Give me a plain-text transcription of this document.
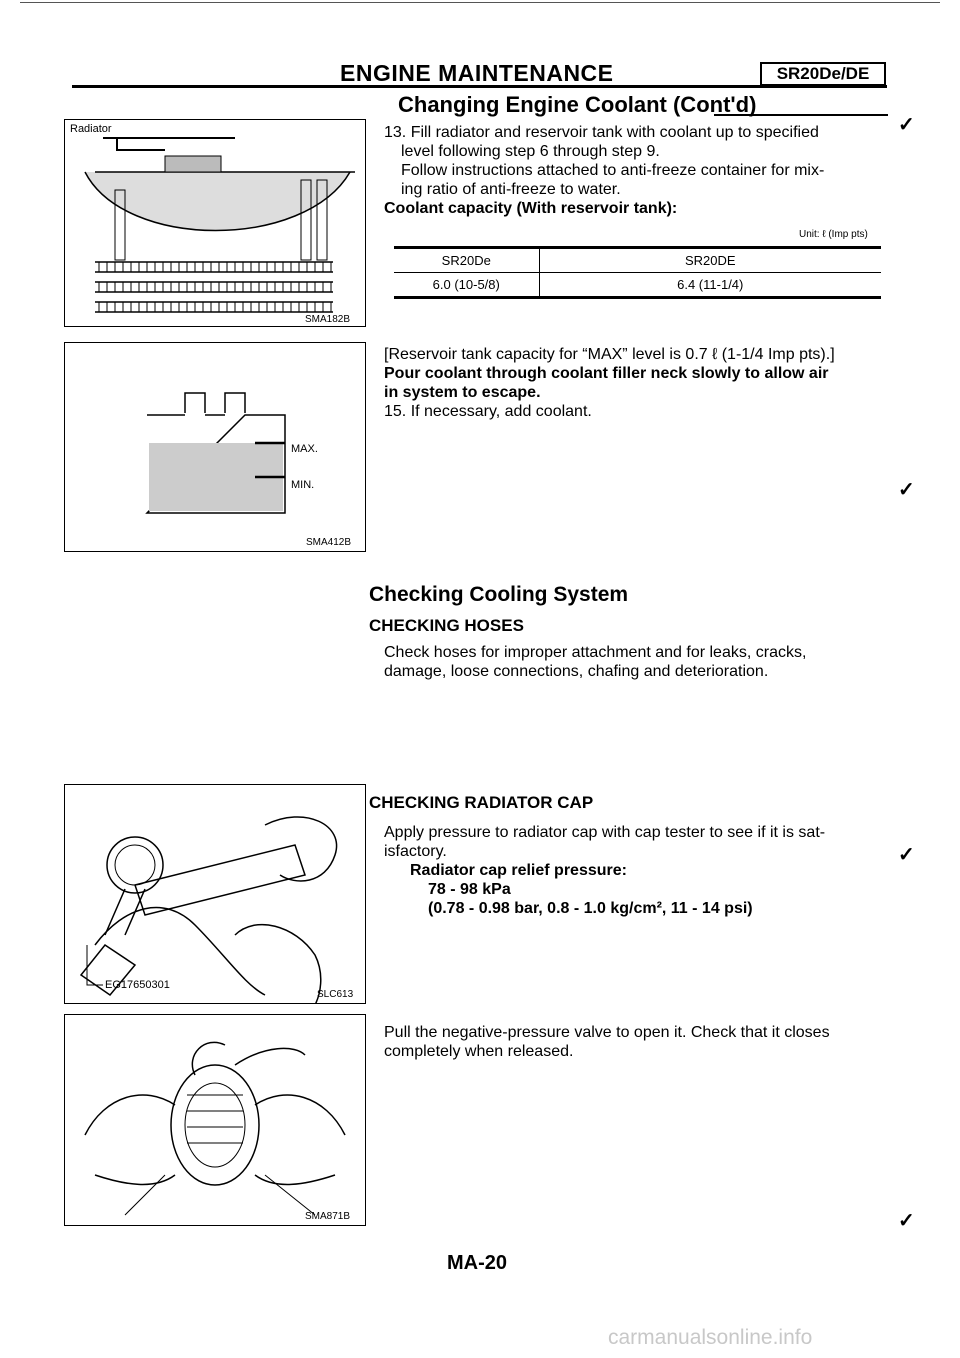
ENGINE MAINTENANCE	SR20De/DE
Changing Engine Coolant (Cont'd)
13. Fill radiator and reservoir tank with coolant up to specified
level following step 6 through step 9.
Follow instructions attached to anti-freeze container for mix-
ing ratio of anti-freeze to water.
Coolant capacity (With reservoir tank):
Unit: ℓ (Imp pts)
SR20De	SR20DE
6.0 (10-5/8)	6.4 (11-1/4)
[Reservoir tank capacity for “MAX” level is 0.7 ℓ (1-1/4 Imp pts).]
Pour coolant through coolant filler neck slowly to allow air
in system to escape.
15. If necessary, add coolant.
Checking Cooling System
CHECKING HOSES
Check hoses for improper attachment and for leaks, cracks,
damage, loose connections, chafing and deterioration.
CHECKING RADIATOR CAP
Apply pressure to radiator cap with cap tester to see if it is sat-
isfactory.
Radiator cap relief pressure:
78 - 98 kPa
(0.78 - 0.98 bar, 0.8 - 1.0 kg/cm², 11 - 14 psi)
Pull the negative-pressure valve to open it. Check that it closes
completely when released.
Radiator
SMA182B
MAX.
MIN.
SMA412B
EG17650301
SLC613
SMA871B
✓
✓
✓
✓
MA-20
carmanualsonline.info
